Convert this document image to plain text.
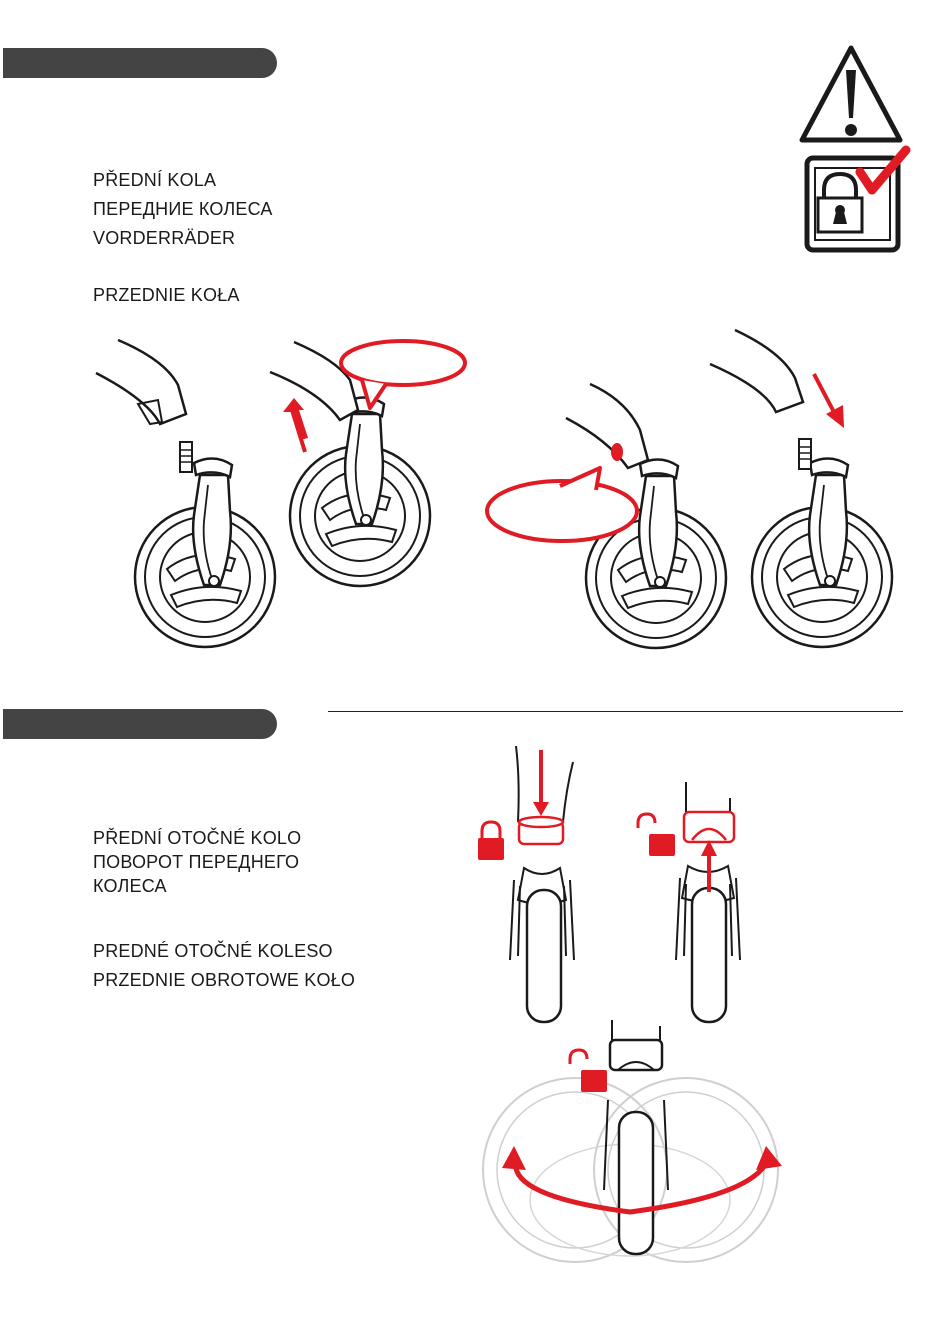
PŘEDNÍ KOLA
ПЕРЕДНИЕ КОЛЕСА
VORDERRÄDER
PRZEDNIE KOŁA
PŘEDNÍ OTOČNÉ KOLO
ПОВОРОТ ПЕРЕДНЕГО
КОЛЕСА
PREDNÉ OTOČNÉ KOLESO
PRZEDNIE OBROTOWE KOŁO
